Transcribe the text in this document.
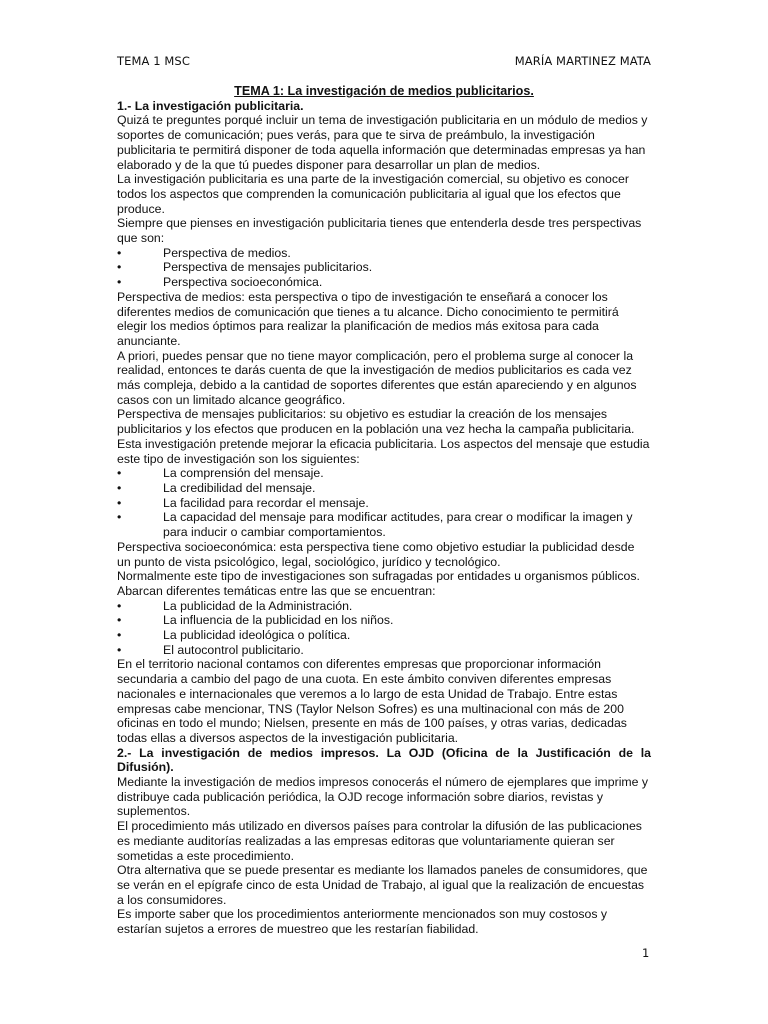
TEMA 1 MSC	MARÍA MARTINEZ MATA

TEMA 1: La investigación de medios publicitarios.

1.- La investigación publicitaria.

Quizá te preguntes porqué incluir un tema de investigación publicitaria en un módulo de medios y soportes de comunicación; pues verás, para que te sirva de preámbulo, la investigación publicitaria te permitirá disponer de toda aquella información que determinadas empresas ya han elaborado y de la que tú puedes disponer para desarrollar un plan de medios.

La investigación publicitaria es una parte de la investigación comercial, su objetivo es conocer todos los aspectos que comprenden la comunicación publicitaria al igual que los efectos que produce.

Siempre que pienses en investigación publicitaria tienes que entenderla desde tres perspectivas que son:

•	Perspectiva de medios.
•	Perspectiva de mensajes publicitarios.
•	Perspectiva socioeconómica.

Perspectiva de medios: esta perspectiva o tipo de investigación te enseñará a conocer los diferentes medios de comunicación que tienes a tu alcance. Dicho conocimiento te permitirá elegir los medios óptimos para realizar la planificación de medios más exitosa para cada anunciante.

A priori, puedes pensar que no tiene mayor complicación, pero el problema surge al conocer la realidad, entonces te darás cuenta de que la investigación de medios publicitarios es cada vez más compleja, debido a la cantidad de soportes diferentes que están apareciendo y en algunos casos con un limitado alcance geográfico.

Perspectiva de mensajes publicitarios: su objetivo es estudiar la creación de los mensajes publicitarios y los efectos que producen en la población una vez hecha la campaña publicitaria. Esta investigación pretende mejorar la eficacia publicitaria. Los aspectos del mensaje que estudia este tipo de investigación son los siguientes:

•	La comprensión del mensaje.
•	La credibilidad del mensaje.
•	La facilidad para recordar el mensaje.
•	La capacidad del mensaje para modificar actitudes, para crear o modificar la imagen y para inducir o cambiar comportamientos.

Perspectiva socioeconómica: esta perspectiva tiene como objetivo estudiar la publicidad desde un punto de vista psicológico, legal, sociológico, jurídico y tecnológico.

Normalmente este tipo de investigaciones son sufragadas por entidades u organismos públicos. Abarcan diferentes temáticas entre las que se encuentran:

•	La publicidad de la Administración.
•	La influencia de la publicidad en los niños.
•	La publicidad ideológica o política.
•	El autocontrol publicitario.

En el territorio nacional contamos con diferentes empresas que proporcionar información secundaria a cambio del pago de una cuota. En este ámbito conviven diferentes empresas nacionales e internacionales que veremos a lo largo de esta Unidad de Trabajo. Entre estas empresas cabe mencionar, TNS (Taylor Nelson Sofres) es una multinacional con más de 200 oficinas en todo el mundo; Nielsen, presente en más de 100 países, y otras varias, dedicadas todas ellas a diversos aspectos de la investigación publicitaria.

2.- La investigación de medios impresos. La OJD (Oficina de la Justificación de la Difusión).

Mediante la investigación de medios impresos conocerás el número de ejemplares que imprime y distribuye cada publicación periódica, la OJD recoge información sobre diarios, revistas y suplementos.

El procedimiento más utilizado en diversos países para controlar la difusión de las publicaciones es mediante auditorías realizadas a las empresas editoras que voluntariamente quieran ser sometidas a este procedimiento.

Otra alternativa que se puede presentar es mediante los llamados paneles de consumidores, que se verán en el epígrafe cinco de esta Unidad de Trabajo, al igual que la realización de encuestas a los consumidores.

Es importe saber que los procedimientos anteriormente mencionados son muy costosos y estarían sujetos a errores de muestreo que les restarían fiabilidad.

1
